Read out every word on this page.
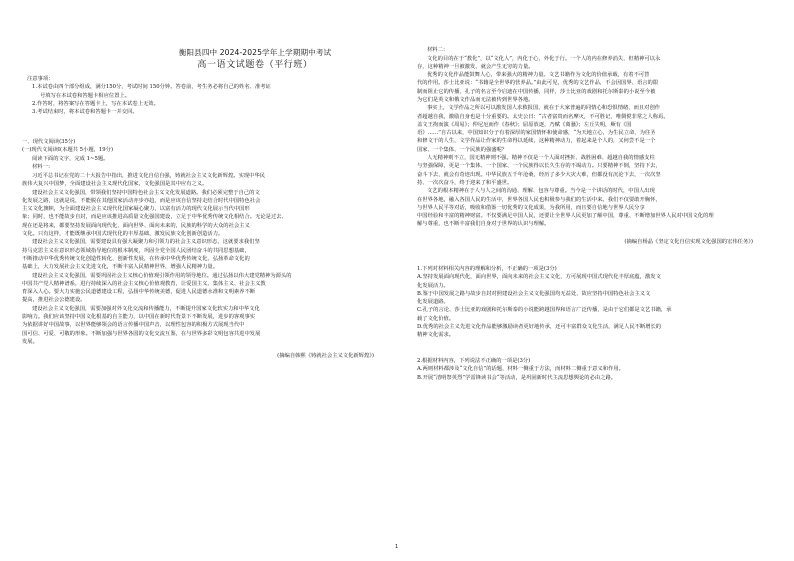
衡阳县四中 2024-2025学年上学期期中考试
高一语文试题卷（平行班）
注意事项：
1.本试卷由四个部分组成，满分150分，考试时间 150分钟。答卷前，考生务必将自己的姓名、准考证
号填写在本试卷和答题卡相应位置上。
2.作答时，将答案写在答题卡上，写在本试卷上无效。
3.考试结束时，将本试卷和答题卡一并交回。
一、现代文阅读(35分)
(一)现代文阅读Ⅰ(本题共 5小题，19分)
阅读下面的文字，完成 1~5题。
材料一：
习近平总书记在党的二十大报告中指出，推进文化自信自强，铸就社会主义文化新辉煌。实现中华民
族伟大复兴中国梦，全面建设社会主义现代化国家，文化强国是其中应有之义。
建设社会主义文化强国，带领我们坚持中国特色社会主义文化发展道路。我们必须完整于自己的文
化发展之路，这就是说，不能脱在其他国家活动亦步亦趋，而是应该自信坚持走结合时代中国特色社会
主义文化旗帜，为全面建设社会主义现代化国家凝心聚力，以富有活力的现代文化展示当代中国形
象；同时，也不能故步自封，而是应该推进高质量文化强国建设，立足于中华优秀传统文化相结合。无论是过去、
现在还是将来，都要坚持发展面向现代化、面向世界、面向未来的，民族的科学的大众的社会主义
文化。只有这样，才能既继承中国式现代化的丰厚基础，激发民族文化创新创造活力。
建设社会主义文化强国，需要建设具有强大凝聚力和引领力的社会主义意识形态，这就要求我们坚
持马克思主义在意识形态领域指导地位的根本制度，巩固全党全国人民团结奋斗的共同思想基础，
不断推动中华优秀传统文化创造性转化、创新性发展，在传承中华优秀传统文化、弘扬革命文化的
基础上，大力发展社会主义先进文化，不断丰富人民精神世界，增强人民精神力量。
建设社会主义文化强国，需要巩固社会主义核心价值观引领作用的领导地位。通过弘扬以伟大建党精神为源头的
中国共产党人精神谱系，进行持续深入的社会主义核心价值观教育，让爱国主义、集体主义、社会主义教
育深入人心。要大力实施公民道德建设工程，弘扬中华传统美德，促进人民道德水准和文明素养不断
提高，推进社会公德建设。
建设社会主义文化强国，需要加强对外文化交流和传播能力，不断提升国家文化软实力和中华文化
影响力。我们应该坚持中国文化根基的自主能力，以中国在新时代背景下不断发展，进步的客观事实
为依据讲好中国故事，以世界能够领会的语言传播中国声音，以理性包容的积极方式展现当代中
国可信、可爱、可敬的形象。不断加强与世界各国的文化交流互鉴，在与世界多彩文明包容共进中发展
发展。
(摘编自韩熙《铸就社会主义文化新辉煌》)
材料二：
文化的目的在于“教化”，以“文化人”，内化于心，外化于行。一个人的内在修养消失，但精神可以永
存，这种精神一旦被激发，就会产生无穷的力量。
优秀的文化作品能鼓舞人心，带来强大的精神力量。文艺书籍作为文化的价值承载，有着不可替
代的作用。莎士比亚说：“书籍是全世界的营养品。”由此可见，优秀的文艺作品，不会因国界、语言的限
制而阻止它的传播，孔子的名言至今启迪在中国传播，同样，莎士比亚的戏剧和托尔斯泰的小说至今被
为它们是英文和俄文作品而无法被传到世界各地。
事实上，文学作品之所以可以激发国人求救报国，就在于大家普遍的同情心和恐惧情绪，而且对创作
者超越自我，激励自身也是十分重要的。太史公曰：“古者富贵而名摩灭，不可胜记，唯倜傥非常之人称焉。
盖文王拘而演《周易》；仲尼厄而作《春秋》；屈原放逐，乃赋《离骚》；左丘失明，厥有《国
语》……”自古以来，中国知识分子有着深厚的家国情怀和使命感，“为天地立心，为生民立命，为往圣
和修文干的人生，文学作品让作家的生命得以延续，这种精神动力，着起来是个人的，又何尝不是一个
国家、一个集体、一个民族的强盛呢？
人无精神则不立，国无精神则不强。精神不仅是一个人面对挫折、战胜困难、超越自我的情感支柱
与坚强保障，更是一个集体、一个国家、一个民族得以长久生存的不竭动力。只要精神不倒，坚持下去，
奋斗下去，就会有奇迹出现。中华民族五千年沧桑，经历了多少大灾大难，但都没有沉沦下去，一次次坚
持、一次次奋斗，终于迎来了和平盛世。
文艺的根本精神在于人与人之间的沟通、理解、包容与尊重。当今是一个讲话的时代，中国人出现
在世界各地，融入各国人民的生活中，世界各国人民也积极参与我们的生活中来。我们不仅要敢开胸怀，
与世界人民平等对话，吸收和借鉴一切优秀的文化成果，为我所用，而且要自信地与世界人民分享
中国经验和丰富的精神财富。不仅要满足中国人民，还要让全世界人民更加了解中国，尊重、不断增加世界人民对中国文化的理
解与尊重，也不断丰富我们自身对于世界的认识与理解。
(摘编自杨晶《坚定文化自信实现文化强国的宏伟任务》)
1.下列对材料相关内容的理解和分析，不正确的一项是(3分)
A.坚持发展面向现代化，面向世界，面向未来的社会主义文化，方可展现中国式现代化丰厚底蕴，激发文
化发展活力。
B.鉴于中国发展之路与故步自封对照建设社会主义文化强国均无益处，故应坚持中国特色社会主义文
化发展道路。
C.孔子的言论、莎士比亚的戏剧和托尔斯泰的小说能跨越国界和语言广泛传播，是由于它们都是文艺书籍，承
载了文化价值。
D.优秀的社会主义先进文化作品能够激励读者更好地传承，还可丰富群众文化生活，满足人民不断增长的
精神文化需求。
2.根据材料内容，下列说法不正确的一项是(3分)
A.两则材料都涉及“文化自信”的话题，材料一侧重于方法，而材料二侧重于意义和作用。
B.开展“清明祭英烈”学雷锋读书会“等活动，是巩固新时代主流思想舆论的必由之路。
1
